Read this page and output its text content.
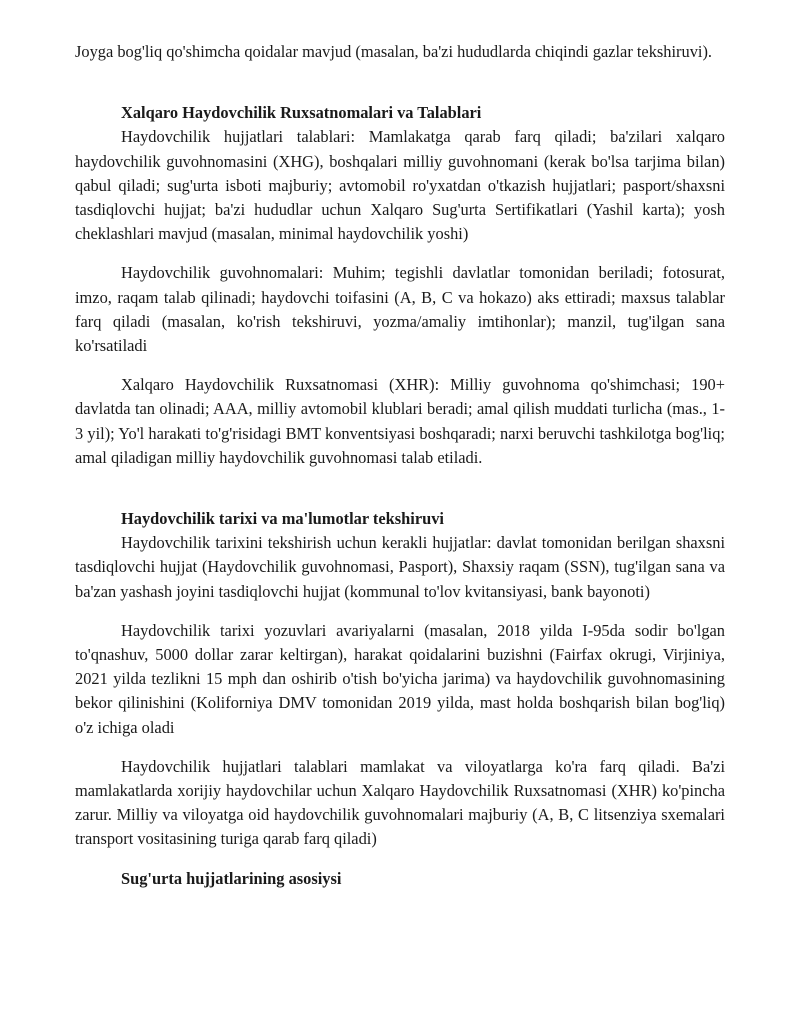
Joyga bog'liq qo'shimcha qoidalar mavjud (masalan, ba'zi hududlarda chiqindi gazlar tekshiruvi).

Xalqaro Haydovchilik Ruxsatnomalari va Talablari

Haydovchilik hujjatlari talablari: Mamlakatga qarab farq qiladi; ba'zilari xalqaro haydovchilik guvohnomasini (XHG), boshqalari milliy guvohnomani (kerak bo'lsa tarjima bilan) qabul qiladi; sug'urta isboti majburiy; avtomobil ro'yxatdan o'tkazish hujjatlari; pasport/shaxsni tasdiqlovchi hujjat; ba'zi hududlar uchun Xalqaro Sug'urta Sertifikatlari (Yashil karta); yosh cheklashlari mavjud (masalan, minimal haydovchilik yoshi)

Haydovchilik guvohnomalari: Muhim; tegishli davlatlar tomonidan beriladi; fotosurat, imzo, raqam talab qilinadi; haydovchi toifasini (A, B, C va hokazo) aks ettiradi; maxsus talablar farq qiladi (masalan, ko'rish tekshiruvi, yozma/amaliy imtihonlar); manzil, tug'ilgan sana ko'rsatiladi

Xalqaro Haydovchilik Ruxsatnomasi (XHR): Milliy guvohnoma qo'shimchasi; 190+ davlatda tan olinadi; AAA, milliy avtomobil klublari beradi; amal qilish muddati turlicha (mas., 1-3 yil); Yo'l harakati to'g'risidagi BMT konventsiyasi boshqaradi; narxi beruvchi tashkilotga bog'liq; amal qiladigan milliy haydovchilik guvohnomasi talab etiladi.

Haydovchilik tarixi va ma'lumotlar tekshiruvi

Haydovchilik tarixini tekshirish uchun kerakli hujjatlar: davlat tomonidan berilgan shaxsni tasdiqlovchi hujjat (Haydovchilik guvohnomasi, Pasport), Shaxsiy raqam (SSN), tug'ilgan sana va ba'zan yashash joyini tasdiqlovchi hujjat (kommunal to'lov kvitansiyasi, bank bayonoti)

Haydovchilik tarixi yozuvlari avariyalarni (masalan, 2018 yilda I-95da sodir bo'lgan to'qnashuv, 5000 dollar zarar keltirgan), harakat qoidalarini buzishni (Fairfax okrugi, Virjiniya, 2021 yilda tezlikni 15 mph dan oshirib o'tish bo'yicha jarima) va haydovchilik guvohnomasining bekor qilinishini (Koliforniya DMV tomonidan 2019 yilda, mast holda boshqarish bilan bog'liq) o'z ichiga oladi

Haydovchilik hujjatlari talablari mamlakat va viloyatlarga ko'ra farq qiladi. Ba'zi mamlakatlarda xorijiy haydovchilar uchun Xalqaro Haydovchilik Ruxsatnomasi (XHR) ko'pincha zarur. Milliy va viloyatga oid haydovchilik guvohnomalari majburiy (A, B, C litsenziya sxemalari transport vositasining turiga qarab farq qiladi)

Sug'urta hujjatlarining asosiysi
